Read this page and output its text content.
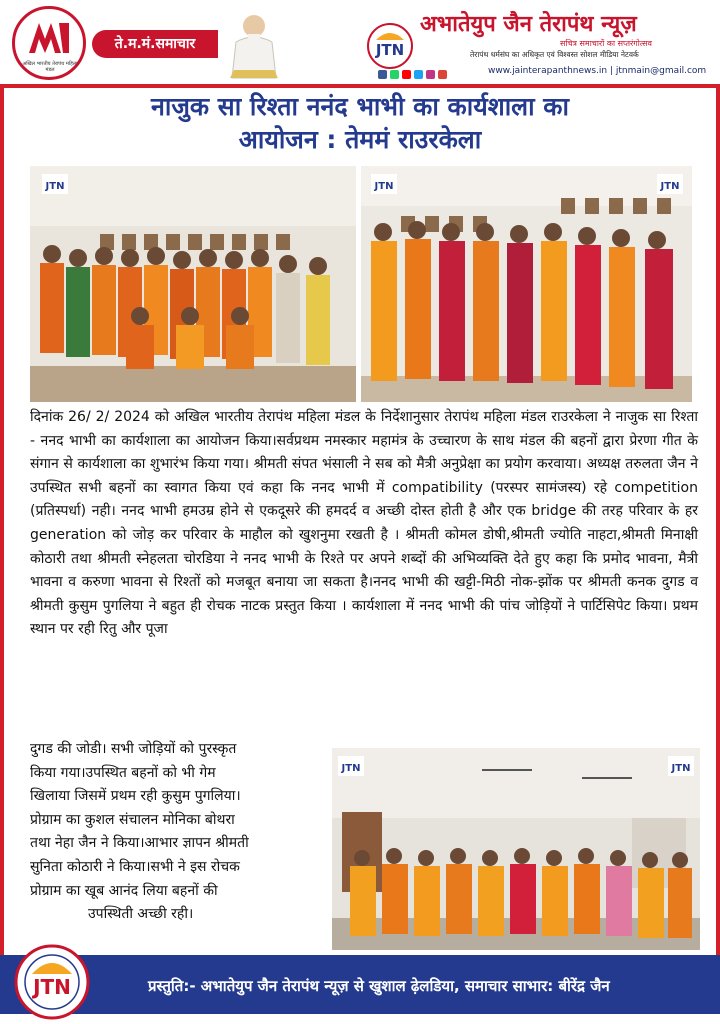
अखिल भारतीय तेरापंथ महिला मंडल
ते.म.मं.समाचार	JTN
अभातेयुप जैन तेरापंथ न्यूज़
सचित्र समाचारों का सप्तरंगोत्सव
तेरापंथ धर्मसंघ का अधिकृत एवं विश्वस्त सोशल मीडिया नेटवर्क
www.jainterapanthnews.in | jtnmain@gmail.com
नाजुक सा रिश्ता ननंद भाभी का कार्यशाला का
आयोजन : तेममं राउरकेला
JTN	JTN	JTN
दिनांक 26/ 2/ 2024 को अखिल भारतीय तेरापंथ महिला मंडल के निर्देशानुसार तेरापंथ महिला मंडल राउरकेला ने नाजुक सा रिश्ता - ननद भाभी का कार्यशाला का आयोजन किया।सर्वप्रथम नमस्कार महामंत्र के उच्चारण के साथ मंडल की बहनों द्वारा प्रेरणा गीत के संगान से कार्यशाला का शुभारंभ किया गया। श्रीमती संपत भंसाली ने सब को मैत्री अनुप्रेक्षा का प्रयोग करवाया। अध्यक्ष तरुलता जैन ने उपस्थित सभी बहनों का स्वागत किया एवं कहा कि ननद भाभी में compatibility (परस्पर सामंजस्य) रहे competition (प्रतिस्पर्धा) नही। ननद भाभी हमउम्र होने से एकदूसरे की हमदर्द व अच्छी दोस्त होती है और एक bridge की तरह परिवार के हर generation को जोड़ कर परिवार के माहौल को खुशनुमा रखती है । श्रीमती कोमल डोषी,श्रीमती ज्योति नाहटा,श्रीमती मिनाक्षी कोठारी तथा श्रीमती स्नेहलता चोरडिया ने ननद भाभी के रिश्ते पर अपने शब्दों की अभिव्यक्ति देते हुए कहा कि प्रमोद भावना, मैत्री भावना व करुणा भावना से रिश्तों को मजबूत बनाया जा सकता है।ननद भाभी की खट्टी-मिठी नोक-झोंक पर श्रीमती कनक दुगड व श्रीमती कुसुम पुगलिया ने बहुत ही रोचक नाटक प्रस्तुत किया । कार्यशाला में ननद भाभी की पांच जोड़ियों ने पार्टिसिपेट किया। प्रथम स्थान पर रही रितु और पूजा
दुगड की जोडी। सभी जोड़ियों को पुरस्कृत
किया गया।उपस्थित बहनों को भी गेम
खिलाया जिसमें प्रथम रही कुसुम पुगलिया।
प्रोग्राम का कुशल संचालन मोनिका बोथरा
तथा नेहा जैन ने किया।आभार ज्ञापन श्रीमती
सुनिता कोठारी ने किया।सभी ने इस रोचक
प्रोग्राम का खूब आनंद लिया बहनों की
उपस्थिती अच्छी रही।
JTN	JTN
JTN	प्रस्तुति:- अभातेयुप जैन तेरापंथ न्यूज़ से खुशाल ढ़ेलडिया, समाचार साभार: बीरेंद्र जैन
